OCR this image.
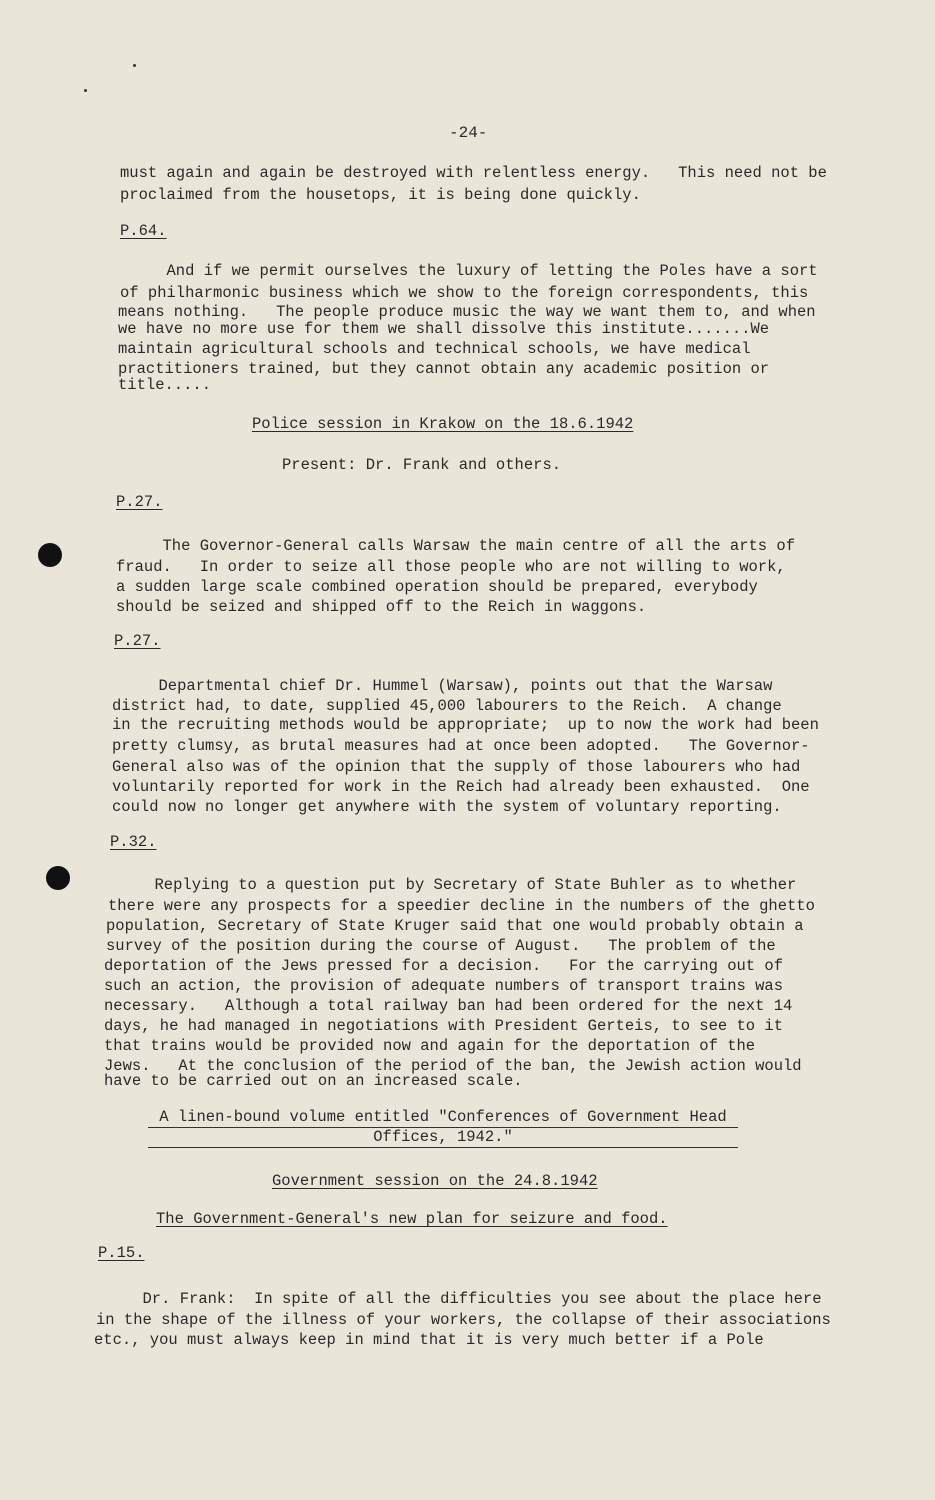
-24-
must again and again be destroyed with relentless energy.   This need not be
proclaimed from the housetops, it is being done quickly.
P.64.
And if we permit ourselves the luxury of letting the Poles have a sort
of philharmonic business which we show to the foreign correspondents, this
means nothing.   The people produce music the way we want them to, and when
we have no more use for them we shall dissolve this institute.......We
maintain agricultural schools and technical schools, we have medical
practitioners trained, but they cannot obtain any academic position or
title.....
Police session in Krakow on the 18.6.1942
Present: Dr. Frank and others.
P.27.
The Governor-General calls Warsaw the main centre of all the arts of
fraud.   In order to seize all those people who are not willing to work,
a sudden large scale combined operation should be prepared, everybody
should be seized and shipped off to the Reich in waggons.
P.27.
Departmental chief Dr. Hummel (Warsaw), points out that the Warsaw
district had, to date, supplied 45,000 labourers to the Reich.  A change
in the recruiting methods would be appropriate;  up to now the work had been
pretty clumsy, as brutal measures had at once been adopted.   The Governor-
General also was of the opinion that the supply of those labourers who had
voluntarily reported for work in the Reich had already been exhausted.  One
could now no longer get anywhere with the system of voluntary reporting.
P.32.
Replying to a question put by Secretary of State Buhler as to whether
there were any prospects for a speedier decline in the numbers of the ghetto
population, Secretary of State Kruger said that one would probably obtain a
survey of the position during the course of August.   The problem of the
deportation of the Jews pressed for a decision.   For the carrying out of
such an action, the provision of adequate numbers of transport trains was
necessary.   Although a total railway ban had been ordered for the next 14
days, he had managed in negotiations with President Gerteis, to see to it
that trains would be provided now and again for the deportation of the
Jews.   At the conclusion of the period of the ban, the Jewish action would
have to be carried out on an increased scale.
A linen-bound volume entitled "Conferences of Government Head
Offices, 1942."
Government session on the 24.8.1942
The Government-General's new plan for seizure and food.
P.15.
Dr. Frank:  In spite of all the difficulties you see about the place here
in the shape of the illness of your workers, the collapse of their associations
etc., you must always keep in mind that it is very much better if a Pole
